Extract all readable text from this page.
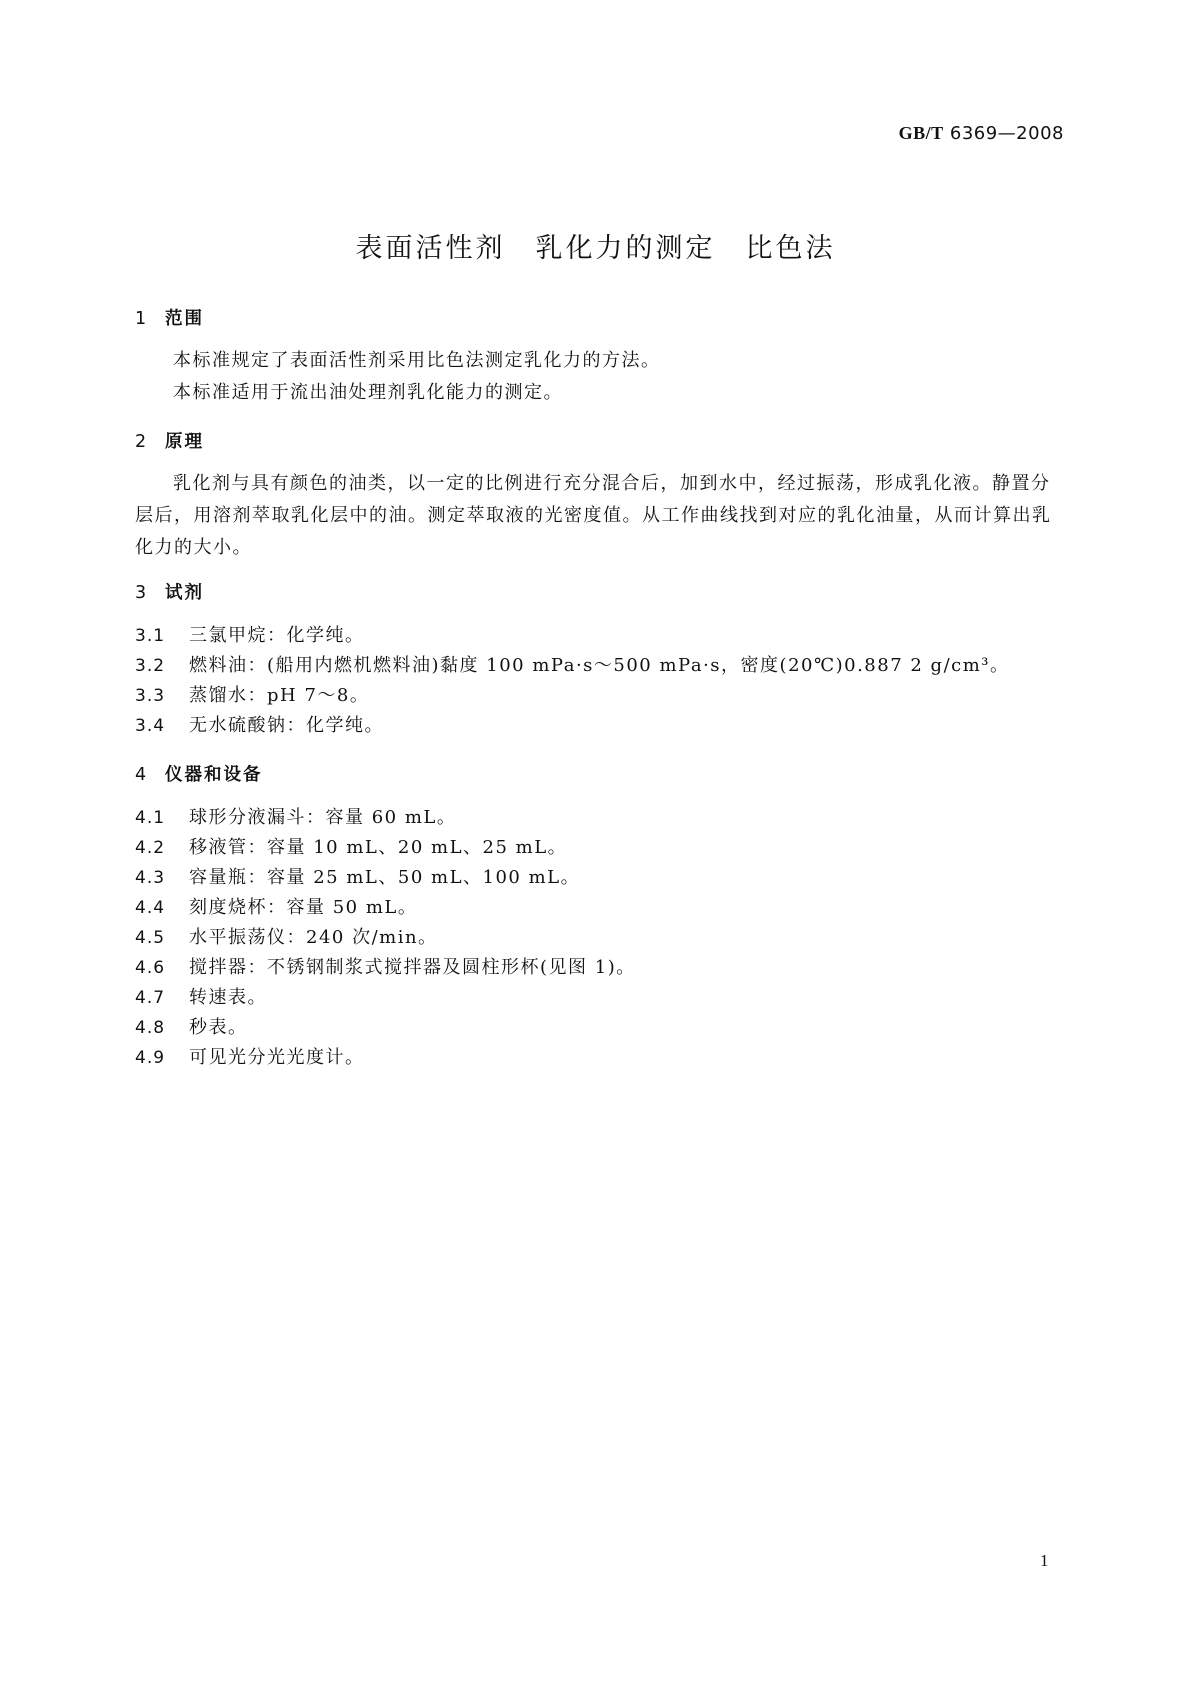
GB/T 6369—2008
表面活性剂 乳化力的测定 比色法
1 范围
本标准规定了表面活性剂采用比色法测定乳化力的方法。
本标准适用于流出油处理剂乳化能力的测定。
2 原理
乳化剂与具有颜色的油类，以一定的比例进行充分混合后，加到水中，经过振荡，形成乳化液。静置分层后，用溶剂萃取乳化层中的油。测定萃取液的光密度值。从工作曲线找到对应的乳化油量，从而计算出乳化力的大小。
3 试剂
3.1 三氯甲烷：化学纯。
3.2 燃料油：(船用内燃机燃料油)黏度 100 mPa·s～500 mPa·s，密度(20℃)0.887 2 g/cm³。
3.3 蒸馏水：pH 7～8。
3.4 无水硫酸钠：化学纯。
4 仪器和设备
4.1 球形分液漏斗：容量 60 mL。
4.2 移液管：容量 10 mL、20 mL、25 mL。
4.3 容量瓶：容量 25 mL、50 mL、100 mL。
4.4 刻度烧杯：容量 50 mL。
4.5 水平振荡仪：240 次/min。
4.6 搅拌器：不锈钢制浆式搅拌器及圆柱形杯(见图 1)。
4.7 转速表。
4.8 秒表。
4.9 可见光分光光度计。
1
